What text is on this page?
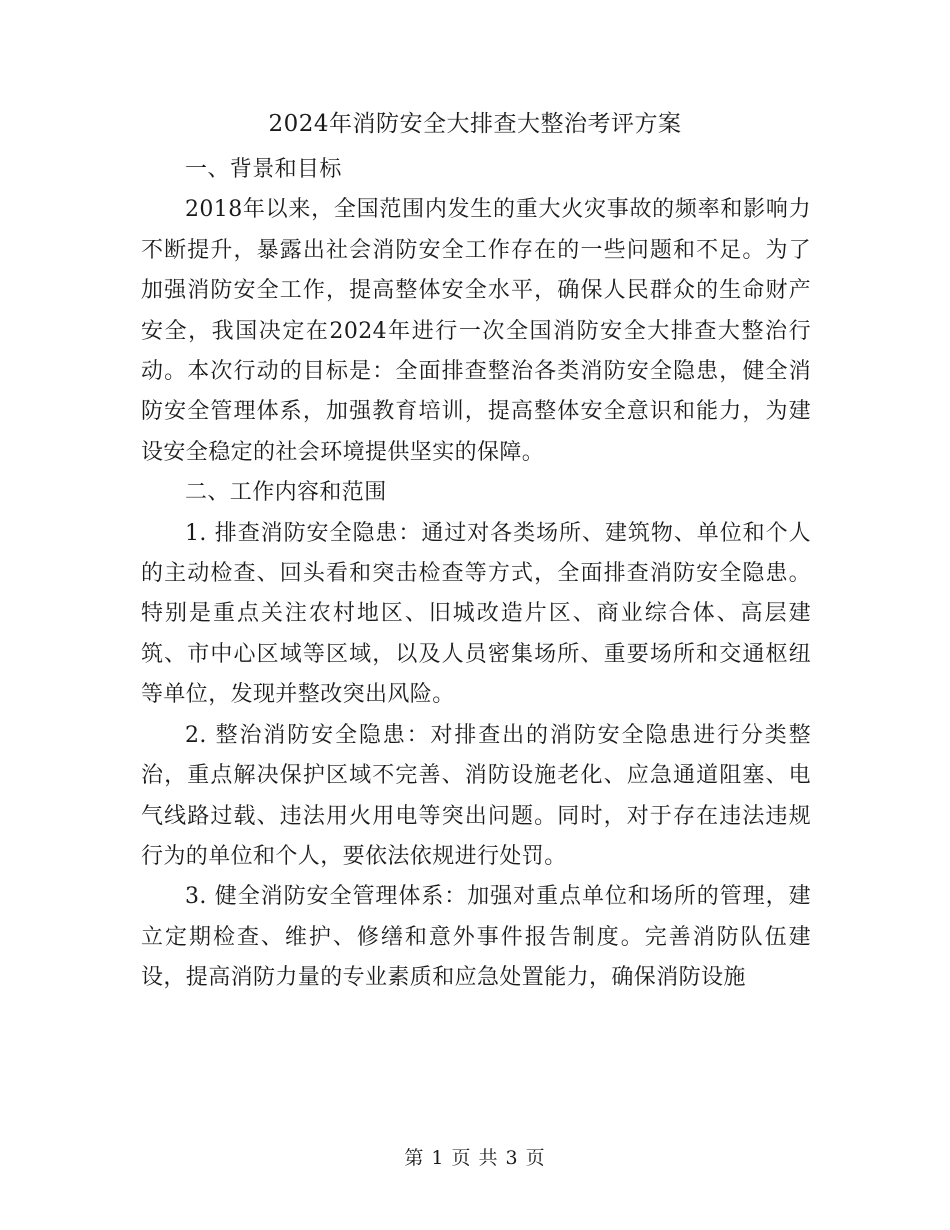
2024年消防安全大排查大整治考评方案

一、背景和目标

2018年以来，全国范围内发生的重大火灾事故的频率和影响力不断提升，暴露出社会消防安全工作存在的一些问题和不足。为了加强消防安全工作，提高整体安全水平，确保人民群众的生命财产安全，我国决定在2024年进行一次全国消防安全大排查大整治行动。本次行动的目标是：全面排查整治各类消防安全隐患，健全消防安全管理体系，加强教育培训，提高整体安全意识和能力，为建设安全稳定的社会环境提供坚实的保障。

二、工作内容和范围

1. 排查消防安全隐患：通过对各类场所、建筑物、单位和个人的主动检查、回头看和突击检查等方式，全面排查消防安全隐患。特别是重点关注农村地区、旧城改造片区、商业综合体、高层建筑、市中心区域等区域，以及人员密集场所、重要场所和交通枢纽等单位，发现并整改突出风险。

2. 整治消防安全隐患：对排查出的消防安全隐患进行分类整治，重点解决保护区域不完善、消防设施老化、应急通道阻塞、电气线路过载、违法用火用电等突出问题。同时，对于存在违法违规行为的单位和个人，要依法依规进行处罚。

3. 健全消防安全管理体系：加强对重点单位和场所的管理，建立定期检查、维护、修缮和意外事件报告制度。完善消防队伍建设，提高消防力量的专业素质和应急处置能力，确保消防设施

第 1 页 共 3 页
